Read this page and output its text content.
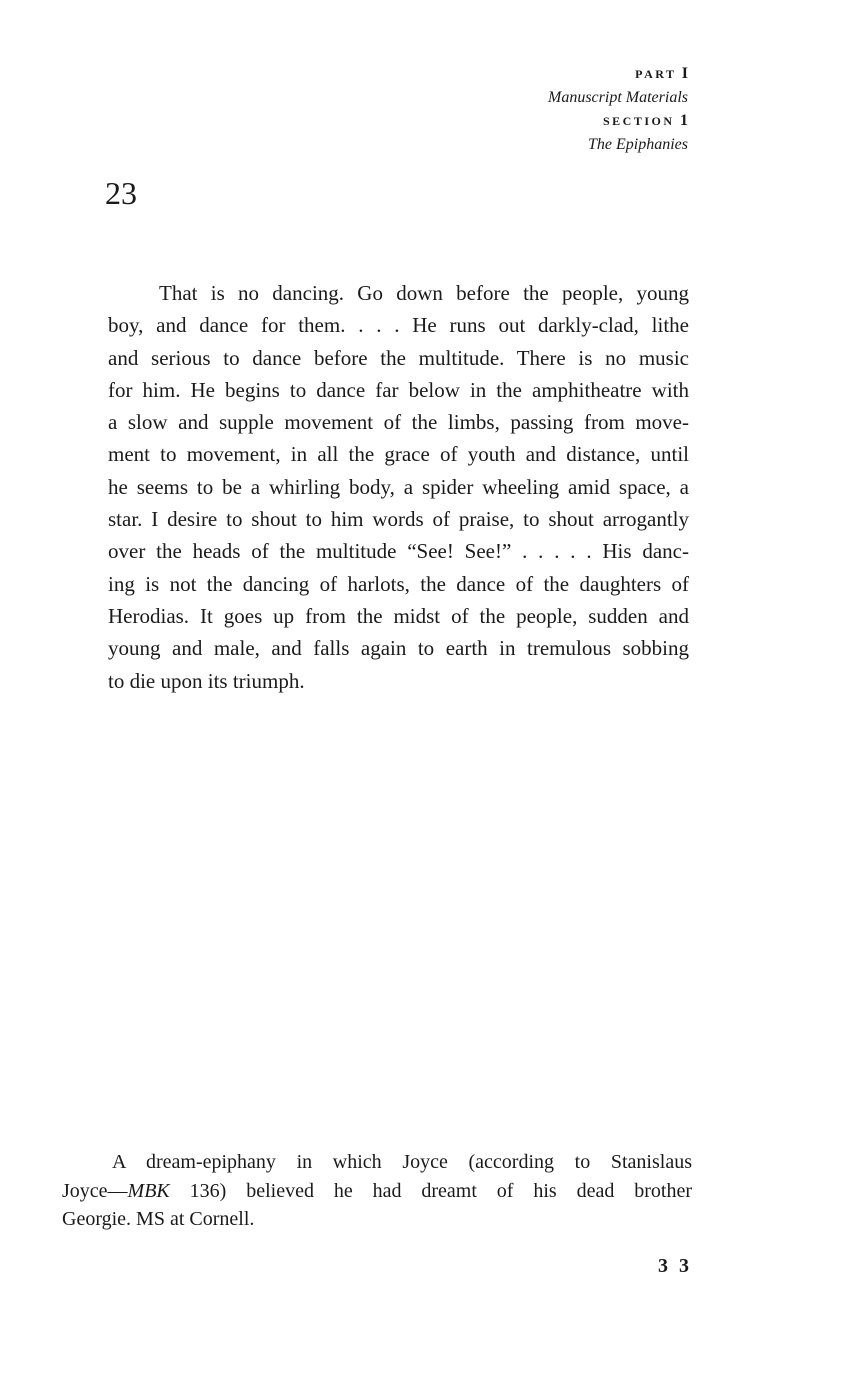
PART I
Manuscript Materials
SECTION 1
The Epiphanies
23
That is no dancing. Go down before the people, young
boy, and dance for them. . . . He runs out darkly-clad, lithe
and serious to dance before the multitude. There is no music
for him. He begins to dance far below in the amphitheatre with
a slow and supple movement of the limbs, passing from move-
ment to movement, in all the grace of youth and distance, until
he seems to be a whirling body, a spider wheeling amid space, a
star. I desire to shout to him words of praise, to shout arrogantly
over the heads of the multitude “See! See!” . . . . . His danc-
ing is not the dancing of harlots, the dance of the daughters of
Herodias. It goes up from the midst of the people, sudden and
young and male, and falls again to earth in tremulous sobbing
to die upon its triumph.
A dream-epiphany in which Joyce (according to Stanislaus
Joyce—MBK 136) believed he had dreamt of his dead brother
Georgie. MS at Cornell.
3 3
